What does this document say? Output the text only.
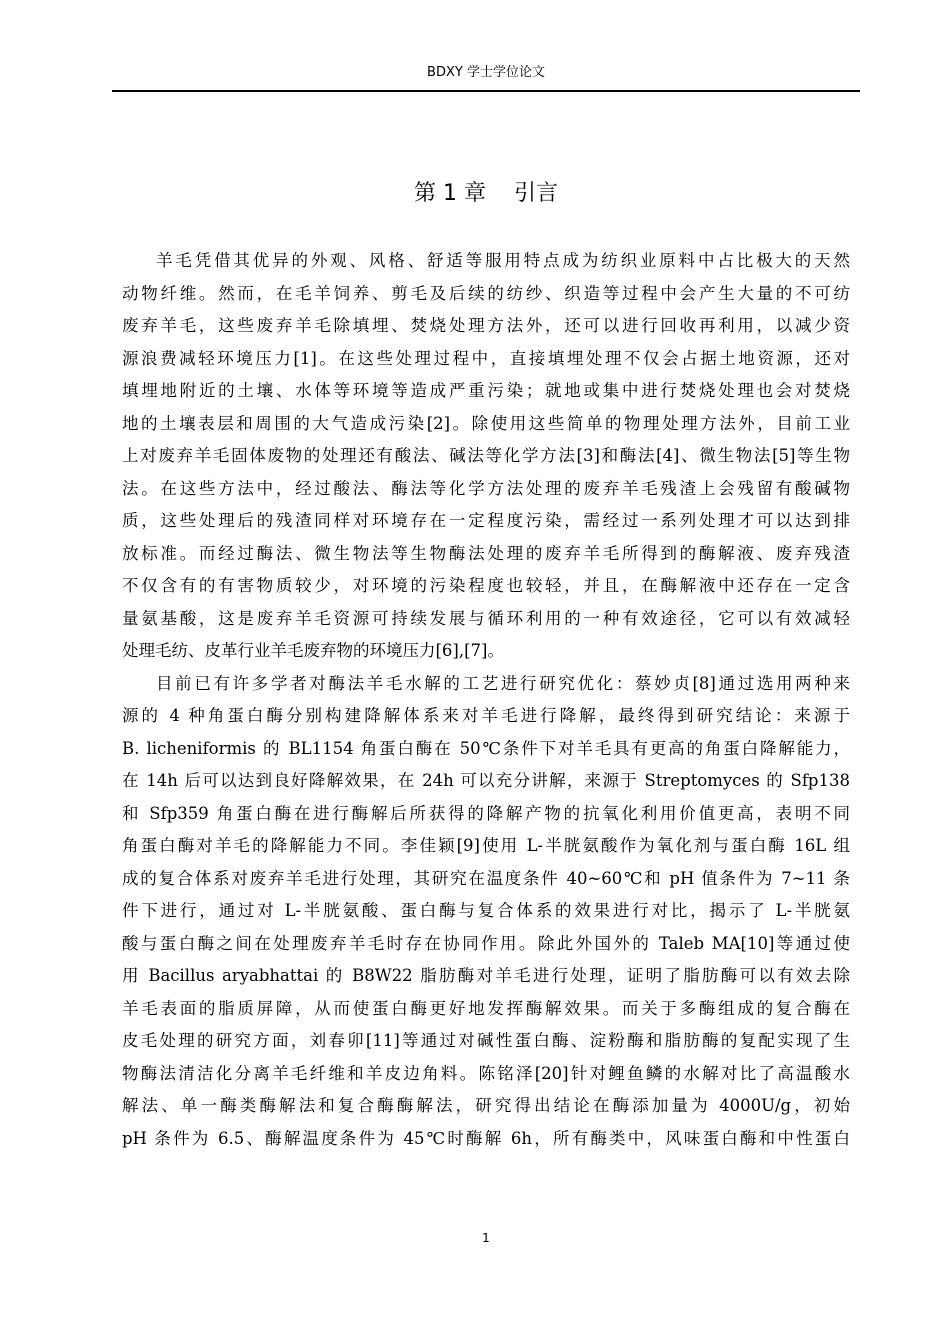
BDXY 学士学位论文
第 1 章    引言
羊毛凭借其优异的外观、风格、舒适等服用特点成为纺织业原料中占比极大的天然
动物纤维。然而，在毛羊饲养、剪毛及后续的纺纱、织造等过程中会产生大量的不可纺
废弃羊毛，这些废弃羊毛除填埋、焚烧处理方法外，还可以进行回收再利用，以减少资
源浪费减轻环境压力[1]。在这些处理过程中，直接填埋处理不仅会占据土地资源，还对
填埋地附近的土壤、水体等环境等造成严重污染；就地或集中进行焚烧处理也会对焚烧
地的土壤表层和周围的大气造成污染[2]。除使用这些简单的物理处理方法外，目前工业
上对废弃羊毛固体废物的处理还有酸法、碱法等化学方法[3]和酶法[4]、微生物法[5]等生物
法。在这些方法中，经过酸法、酶法等化学方法处理的废弃羊毛残渣上会残留有酸碱物
质，这些处理后的残渣同样对环境存在一定程度污染，需经过一系列处理才可以达到排
放标准。而经过酶法、微生物法等生物酶法处理的废弃羊毛所得到的酶解液、废弃残渣
不仅含有的有害物质较少，对环境的污染程度也较轻，并且，在酶解液中还存在一定含
量氨基酸，这是废弃羊毛资源可持续发展与循环利用的一种有效途径，它可以有效减轻
处理毛纺、皮革行业羊毛废弃物的环境压力[6],[7]。
目前已有许多学者对酶法羊毛水解的工艺进行研究优化：蔡妙贞[8]通过选用两种来
源的 4 种角蛋白酶分别构建降解体系来对羊毛进行降解，最终得到研究结论：来源于
B. licheniformis 的 BL1154 角蛋白酶在 50℃条件下对羊毛具有更高的角蛋白降解能力，
在 14h 后可以达到良好降解效果，在 24h 可以充分讲解，来源于 Streptomyces 的 Sfp138
和 Sfp359 角蛋白酶在进行酶解后所获得的降解产物的抗氧化利用价值更高，表明不同
角蛋白酶对羊毛的降解能力不同。李佳颖[9]使用 L-半胱氨酸作为氧化剂与蛋白酶 16L 组
成的复合体系对废弃羊毛进行处理，其研究在温度条件 40~60℃和 pH 值条件为 7~11 条
件下进行，通过对 L-半胱氨酸、蛋白酶与复合体系的效果进行对比，揭示了 L-半胱氨
酸与蛋白酶之间在处理废弃羊毛时存在协同作用。除此外国外的 Taleb MA[10]等通过使
用 Bacillus aryabhattai 的 B8W22 脂肪酶对羊毛进行处理，证明了脂肪酶可以有效去除
羊毛表面的脂质屏障，从而使蛋白酶更好地发挥酶解效果。而关于多酶组成的复合酶在
皮毛处理的研究方面，刘春卯[11]等通过对碱性蛋白酶、淀粉酶和脂肪酶的复配实现了生
物酶法清洁化分离羊毛纤维和羊皮边角料。陈铭泽[20]针对鲤鱼鳞的水解对比了高温酸水
解法、单一酶类酶解法和复合酶酶解法，研究得出结论在酶添加量为 4000U/g，初始
pH 条件为 6.5、酶解温度条件为 45℃时酶解 6h，所有酶类中，风味蛋白酶和中性蛋白
1
